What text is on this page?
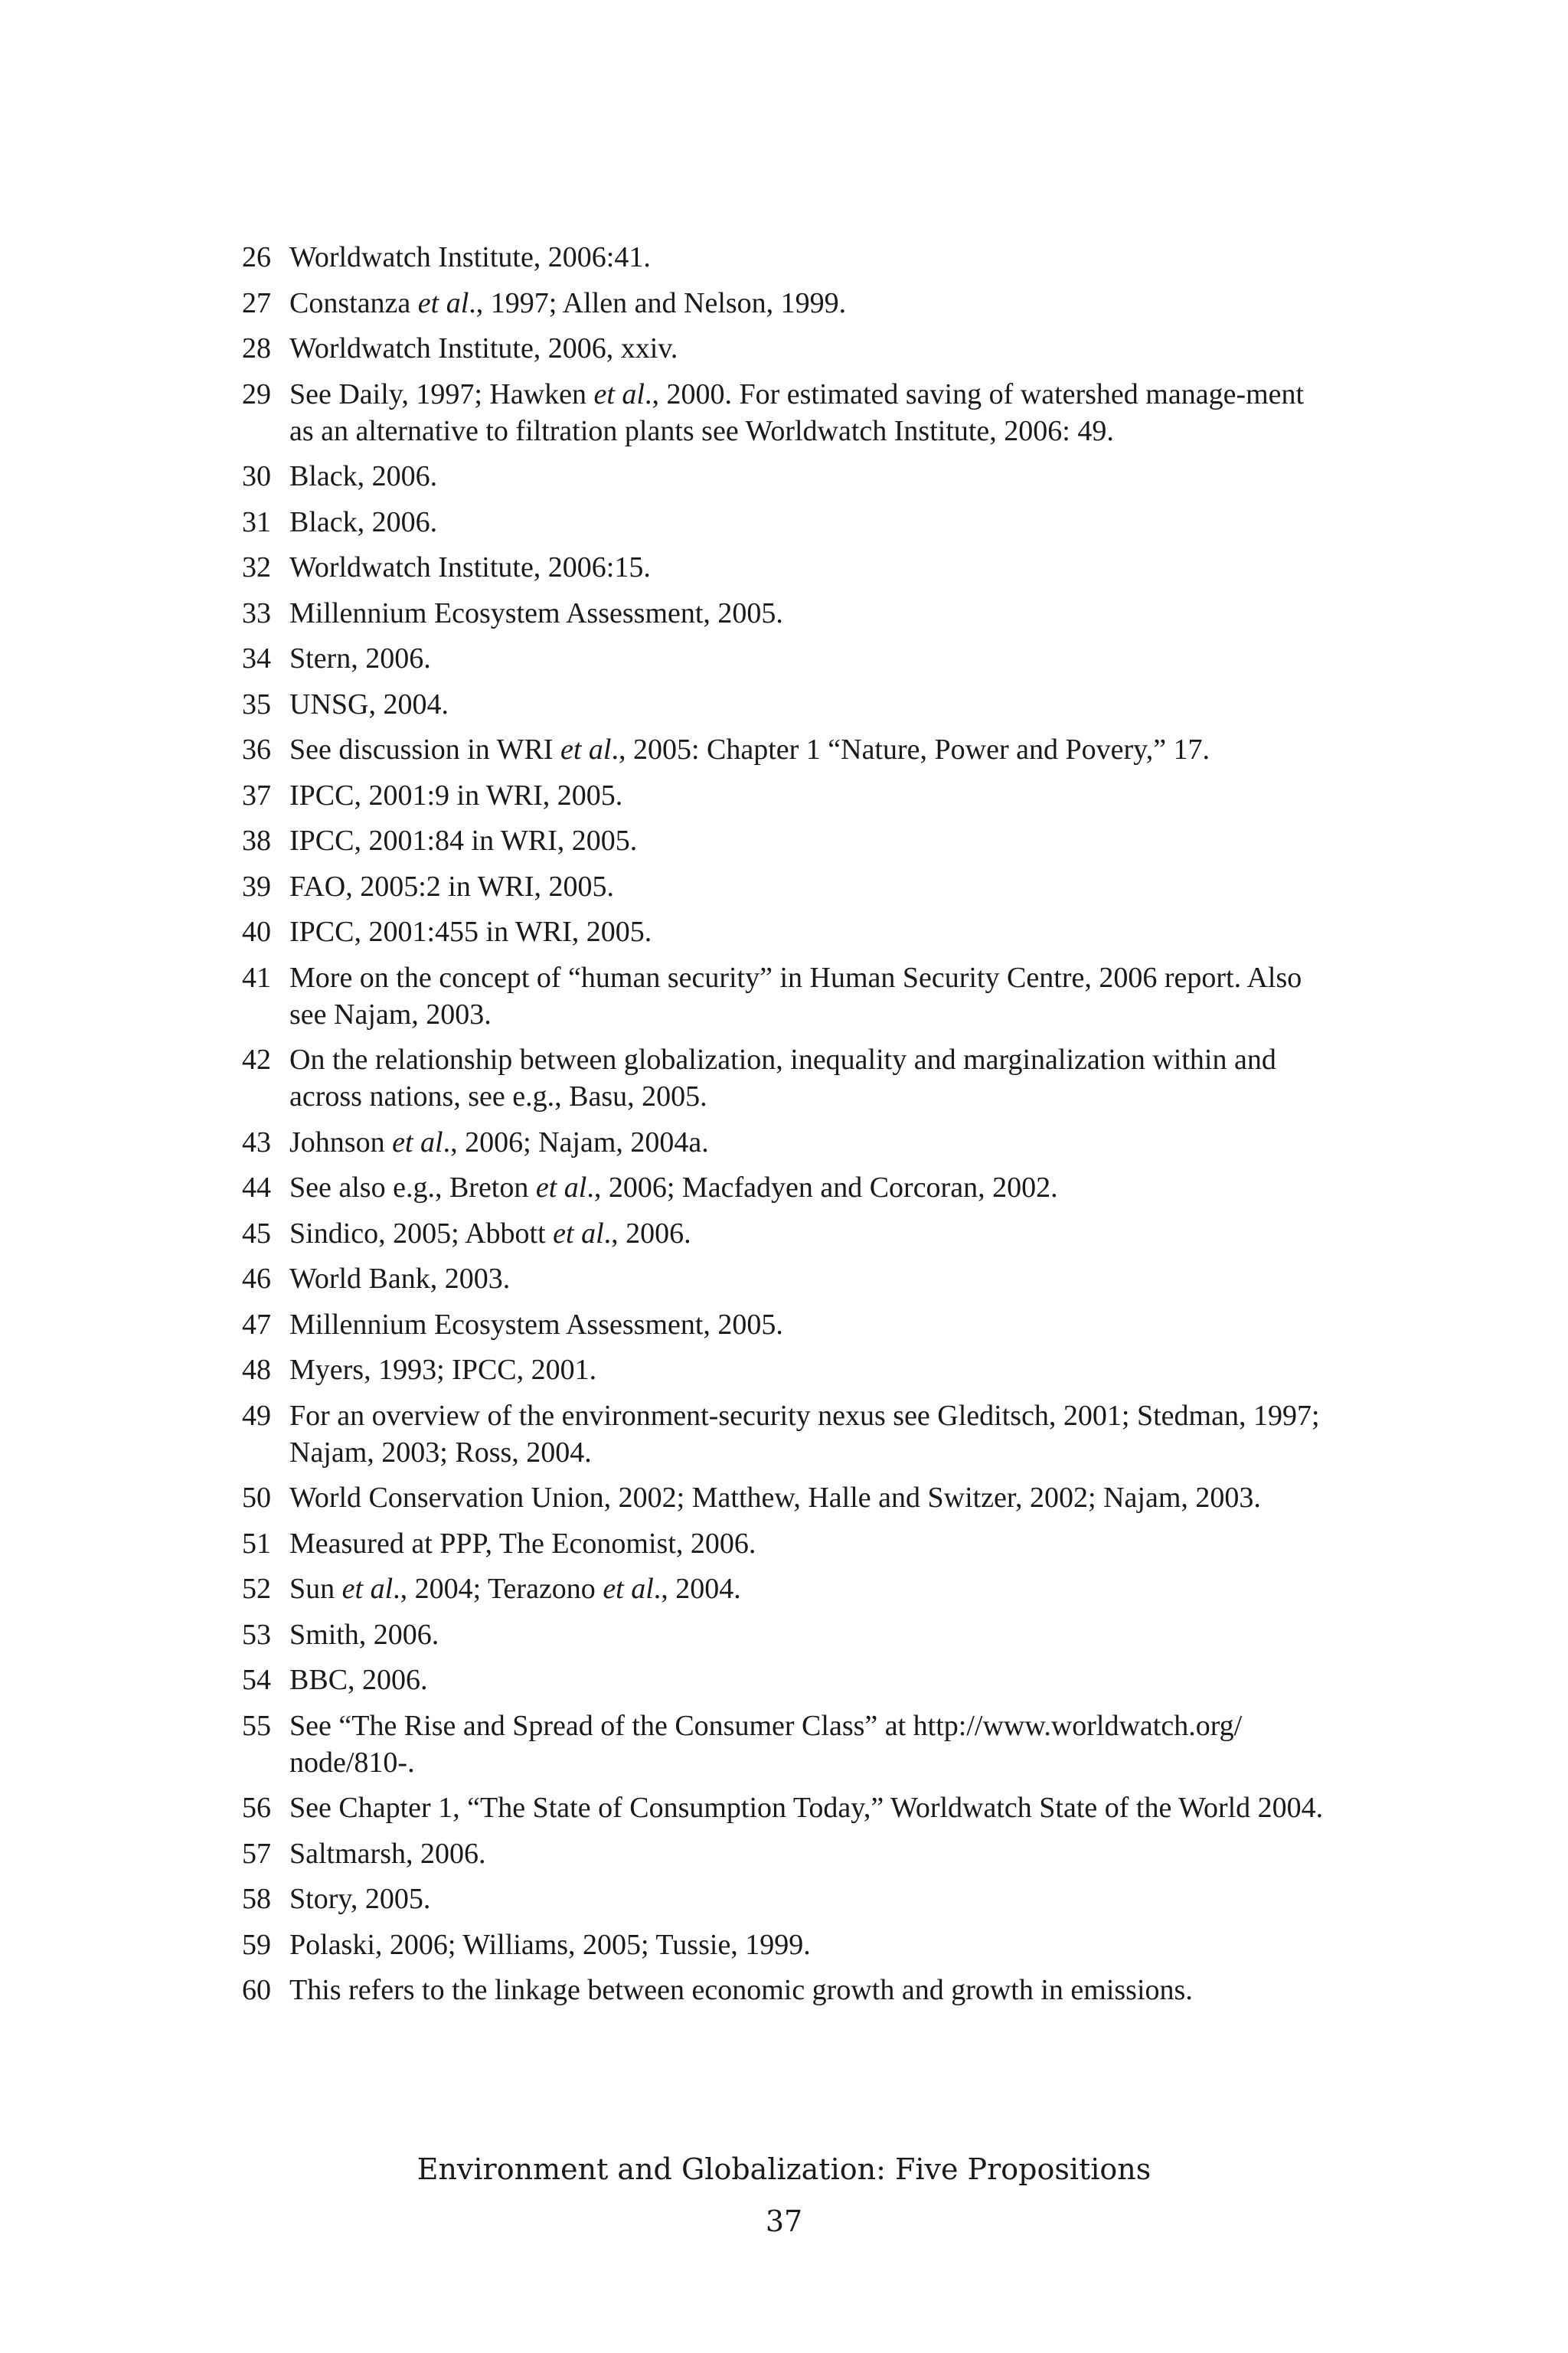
26 Worldwatch Institute, 2006:41.
27 Constanza et al., 1997; Allen and Nelson, 1999.
28 Worldwatch Institute, 2006, xxiv.
29 See Daily, 1997; Hawken et al., 2000. For estimated saving of watershed manage-ment as an alternative to filtration plants see Worldwatch Institute, 2006: 49.
30 Black, 2006.
31 Black, 2006.
32 Worldwatch Institute, 2006:15.
33 Millennium Ecosystem Assessment, 2005.
34 Stern, 2006.
35 UNSG, 2004.
36 See discussion in WRI et al., 2005: Chapter 1 “Nature, Power and Povery,” 17.
37 IPCC, 2001:9 in WRI, 2005.
38 IPCC, 2001:84 in WRI, 2005.
39 FAO, 2005:2 in WRI, 2005.
40 IPCC, 2001:455 in WRI, 2005.
41 More on the concept of “human security” in Human Security Centre, 2006 report. Also see Najam, 2003.
42 On the relationship between globalization, inequality and marginalization within and across nations, see e.g., Basu, 2005.
43 Johnson et al., 2006; Najam, 2004a.
44 See also e.g., Breton et al., 2006; Macfadyen and Corcoran, 2002.
45 Sindico, 2005; Abbott et al., 2006.
46 World Bank, 2003.
47 Millennium Ecosystem Assessment, 2005.
48 Myers, 1993; IPCC, 2001.
49 For an overview of the environment-security nexus see Gleditsch, 2001; Stedman, 1997; Najam, 2003; Ross, 2004.
50 World Conservation Union, 2002; Matthew, Halle and Switzer, 2002; Najam, 2003.
51 Measured at PPP, The Economist, 2006.
52 Sun et al., 2004; Terazono et al., 2004.
53 Smith, 2006.
54 BBC, 2006.
55 See “The Rise and Spread of the Consumer Class” at http://www.worldwatch.org/ node/810-.
56 See Chapter 1, “The State of Consumption Today,” Worldwatch State of the World 2004.
57 Saltmarsh, 2006.
58 Story, 2005.
59 Polaski, 2006; Williams, 2005; Tussie, 1999.
60 This refers to the linkage between economic growth and growth in emissions.
Environment and Globalization: Five Propositions
37
